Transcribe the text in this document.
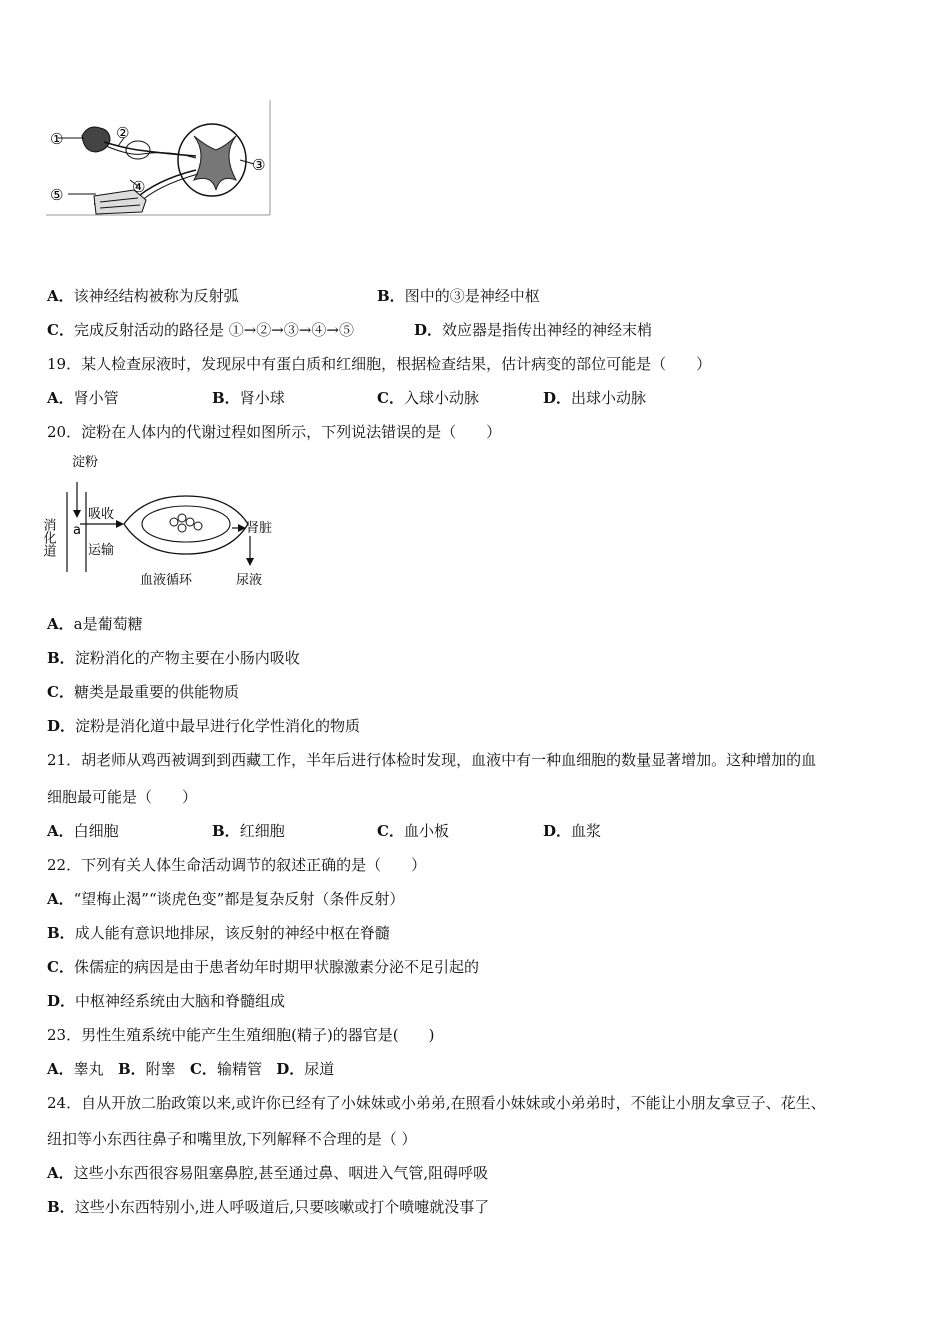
①	②
③
④
⑤
A．该神经结构被称为反射弧	B．图中的③是神经中枢
C．完成反射活动的路径是 ①→②→③→④→⑤	D．效应器是指传出神经的神经末梢
19．某人检查尿液时，发现尿中有蛋白质和红细胞，根据检查结果，估计病变的部位可能是（　　）
A．肾小管	B．肾小球	C．入球小动脉	D．出球小动脉
20．淀粉在人体内的代谢过程如图所示，下列说法错误的是（　　）
淀粉
消化道 a
吸收
运输
肾脏
血液循环	尿液
A．a是葡萄糖
B．淀粉消化的产物主要在小肠内吸收
C．糖类是最重要的供能物质
D．淀粉是消化道中最早进行化学性消化的物质
21．胡老师从鸡西被调到到西藏工作，半年后进行体检时发现，血液中有一种血细胞的数量显著增加。这种增加的血
细胞最可能是（　　）
A．白细胞	B．红细胞	C．血小板	D．血浆
22．下列有关人体生命活动调节的叙述正确的是（　　）
A．“望梅止渴”“谈虎色变”都是复杂反射（条件反射）
B．成人能有意识地排尿，该反射的神经中枢在脊髓
C．侏儒症的病因是由于患者幼年时期甲状腺激素分泌不足引起的
D．中枢神经系统由大脑和脊髓组成
23．男性生殖系统中能产生生殖细胞(精子)的器官是(　　)
A．睾丸 B．附睾 C．输精管 D．尿道
24．自从开放二胎政策以来,或许你已经有了小妹妹或小弟弟,在照看小妹妹或小弟弟时，不能让小朋友拿豆子、花生、
纽扣等小东西往鼻子和嘴里放,下列解释不合理的是（ ）
A．这些小东西很容易阻塞鼻腔,甚至通过鼻、咽进入气管,阻碍呼吸
B．这些小东西特别小,进人呼吸道后,只要咳嗽或打个喷嚏就没事了
